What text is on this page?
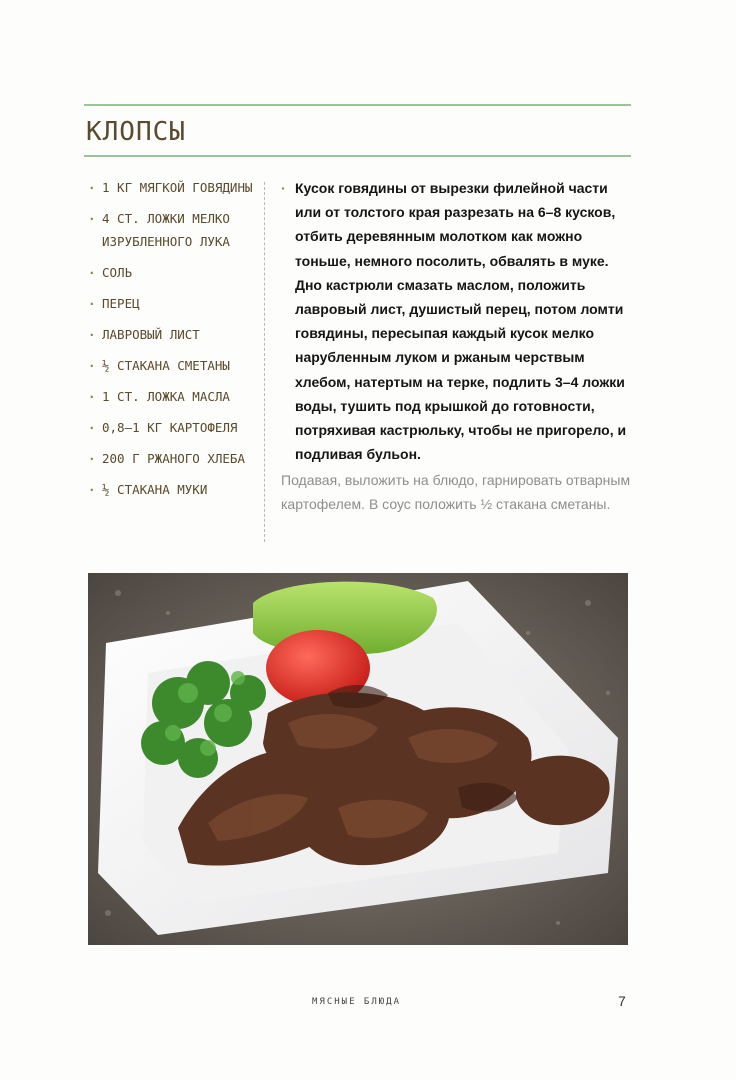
КЛОПСЫ
· 1 КГ МЯГКОЙ ГОВЯДИНЫ
· 4 СТ. ЛОЖКИ МЕЛКО ИЗРУБЛЕННОГО ЛУКА
· СОЛЬ
· ПЕРЕЦ
· ЛАВРОВЫЙ ЛИСТ
· ½ СТАКАНА СМЕТАНЫ
· 1 СТ. ЛОЖКА МАСЛА
· 0,8–1 КГ КАРТОФЕЛЯ
· 200 Г РЖАНОГО ХЛЕБА
· ½ СТАКАНА МУКИ
· Кусок говядины от вырезки филейной части или от толстого края разрезать на 6–8 кусков, отбить деревянным молотком как можно тоньше, немного посолить, обвалять в муке. Дно кастрюли смазать маслом, положить лавровый лист, душистый перец, потом ломти говядины, пересыпая каждый кусок мелко нарубленным луком и ржаным черствым хлебом, натертым на терке, подлить 3–4 ложки воды, тушить под крышкой до готовности, потряхивая кастрюльку, чтобы не пригорело, и подливая бульон.

Подавая, выложить на блюдо, гарнировать отварным картофелем. В соус положить ½ стакана сметаны.

МЯСНЫЕ БЛЮДА	7
